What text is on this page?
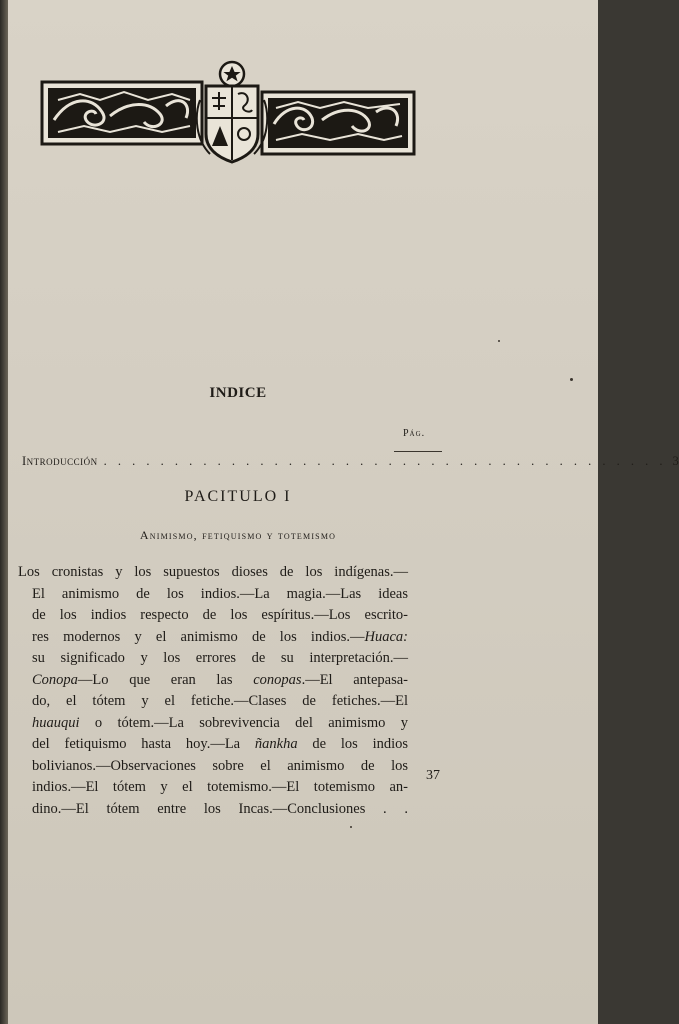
INDICE
Pág.
Introducción . . . . . . . . . . . . . . . . . . . . . . . . . . . . . . . . . . . . . . . . 3
PACITULO I
Animismo, fetiquismo y totemismo
Los cronistas y los supuestos dioses de los indígenas.—
El animismo de los indios.—La magia.—Las ideas
de los indios respecto de los espíritus.—Los escrito-
res modernos y el animismo de los indios.—Huaca:
su significado y los errores de su interpretación.—
Conopa—Lo que eran las conopas.—El antepasa-
do, el tótem y el fetiche.—Clases de fetiches.—El
huauqui o tótem.—La sobrevivencia del animismo y
del fetiquismo hasta hoy.—La ñankha de los indios
bolivianos.—Observaciones sobre el animismo de los
indios.—El tótem y el totemismo.—El totemismo an-
dino.—El tótem entre los Incas.—Conclusiones . .
37
